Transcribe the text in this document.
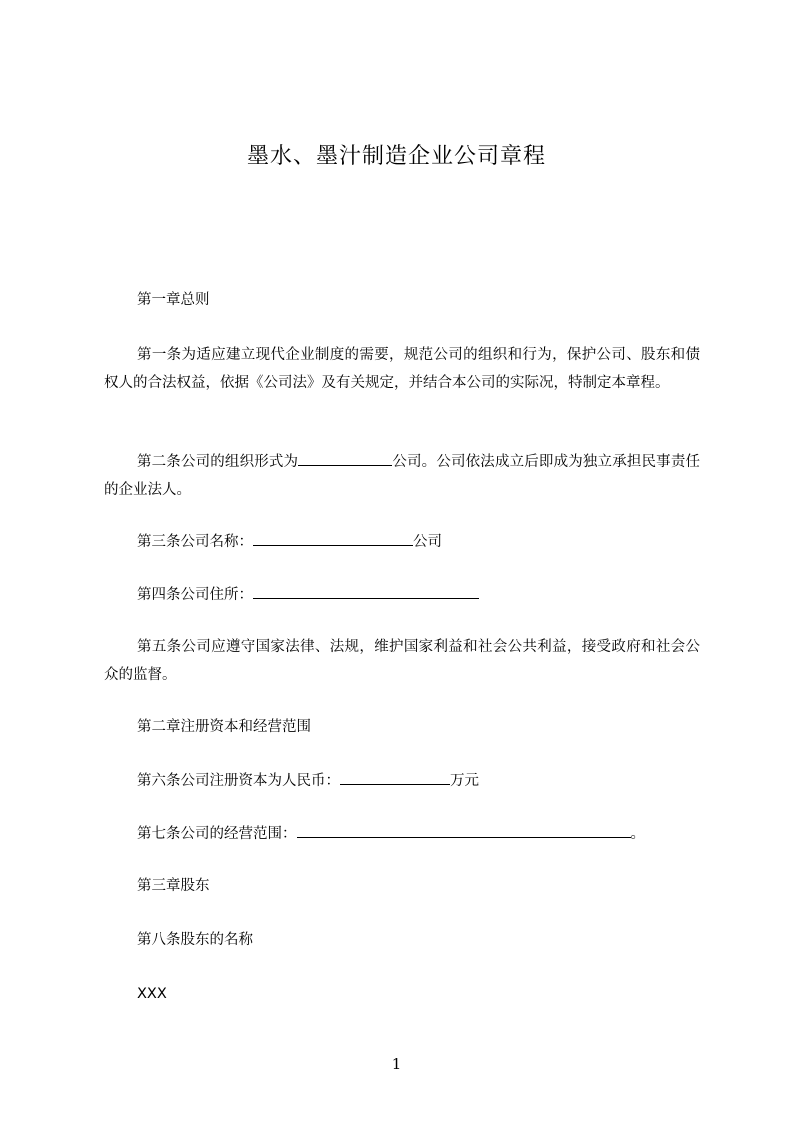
墨水、墨汁制造企业公司章程
第一章总则
第一条为适应建立现代企业制度的需要，规范公司的组织和行为，保护公司、股东和债权人的合法权益，依据《公司法》及有关规定，并结合本公司的实际况，特制定本章程。
第二条公司的组织形式为	公司。公司依法成立后即成为独立承担民事责任的企业法人。
第三条公司名称：	公司
第四条公司住所：
第五条公司应遵守国家法律、法规，维护国家利益和社会公共利益，接受政府和社会公众的监督。
第二章注册资本和经营范围
第六条公司注册资本为人民币：	万元
第七条公司的经营范围：	。
第三章股东
第八条股东的名称
XXX
1
